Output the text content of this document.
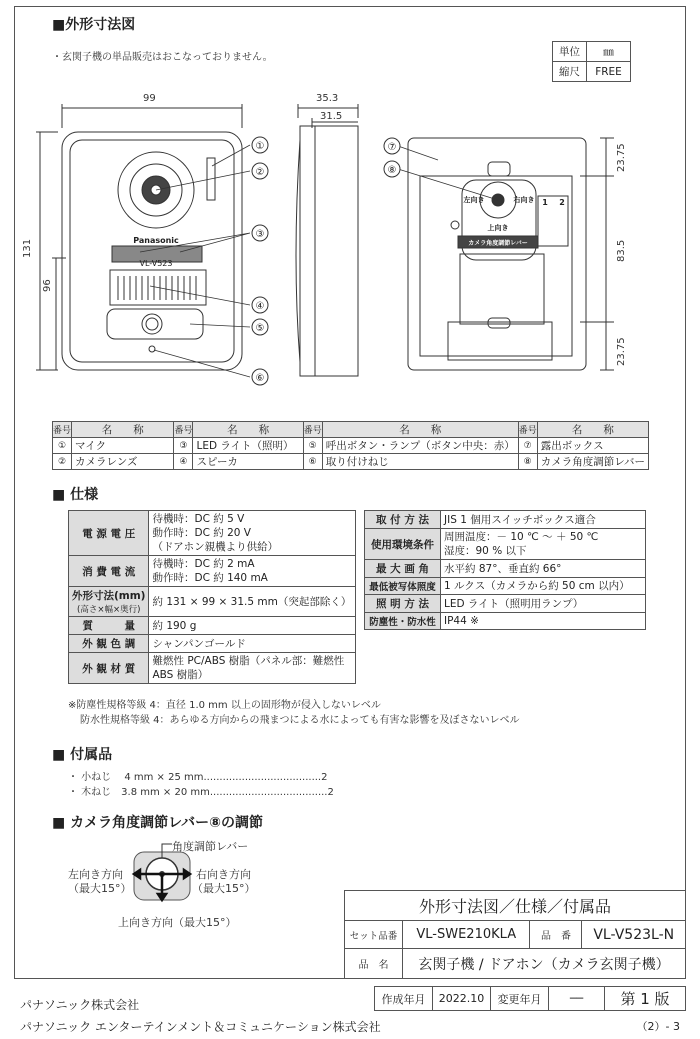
■外形寸法図
・玄関子機の単品販売はおこなっておりません。	単位	㎜
縮尺	FREE
99	35.3
31.5
131
96
23.75
83.5
23.75
①
②
③
④
⑤
⑥
⑦
⑧
Panasonic
VL-V523
左向き	右向き
上向き
カメラ角度調節レバー
1 2
番号	名　　称	番号	名　　称	番号	名　　称	番号	名　　称
①	マイク	③	LED ライト（照明）	⑤	呼出ボタン・ランプ（ボタン中央：赤）	⑦	露出ボックス
②	カメラレンズ	④	スピーカ	⑥	取り付けねじ	⑧	カメラ角度調節レバー
■ 仕様
電 源 電 圧	待機時：DC 約 5 V
動作時：DC 約 20 V
（ドアホン親機より供給）

消 費 電 流	待機時：DC 約 2 mA
動作時：DC 約 140 mA

外形寸法(mm)
(高さ×幅×奥行)	約 131 × 99 × 31.5 mm（突起部除く）

質　　　量	約 190 g

外 観 色 調	シャンパンゴールド

外 観 材 質	難燃性 PC/ABS 樹脂（パネル部：難燃性
ABS 樹脂）
取 付 方 法	JIS 1 個用スイッチボックス適合

使用環境条件	周囲温度：－ 10 ℃ ～ ＋ 50 ℃
湿度：90 % 以下

最 大 画 角	水平約 87°、垂直約 66°

最低被写体照度	1 ルクス（カメラから約 50 cm 以内）

照 明 方 法	LED ライト（照明用ランプ）

防塵性・防水性	IP44 ※
※防塵性規格等級 4：直径 1.0 mm 以上の固形物が侵入しないレベル
防水性規格等級 4：あらゆる方向からの飛まつによる水によっても有害な影響を及ぼさないレベル
■ 付属品
・ 小ねじ　 4 mm × 25 mm.....................................2
・ 木ねじ　3.8 mm × 20 mm.....................................2
■ カメラ角度調節レバー⑧の調節
角度調節レバー
左向き方向
（最大15°）
右向き方向
（最大15°）
上向き方向（最大15°）
外形寸法図／仕様／付属品			
セット品番	VL-SWE210KLA	品　番	VL-V523L-N
品　名	玄関子機 / ドアホン（カメラ玄関子機）		
作成年月	2022.10	変更年月	──	第 1 版
パナソニック株式会社
パナソニック エンターテインメント＆コミュニケーション株式会社	（2）- 3
